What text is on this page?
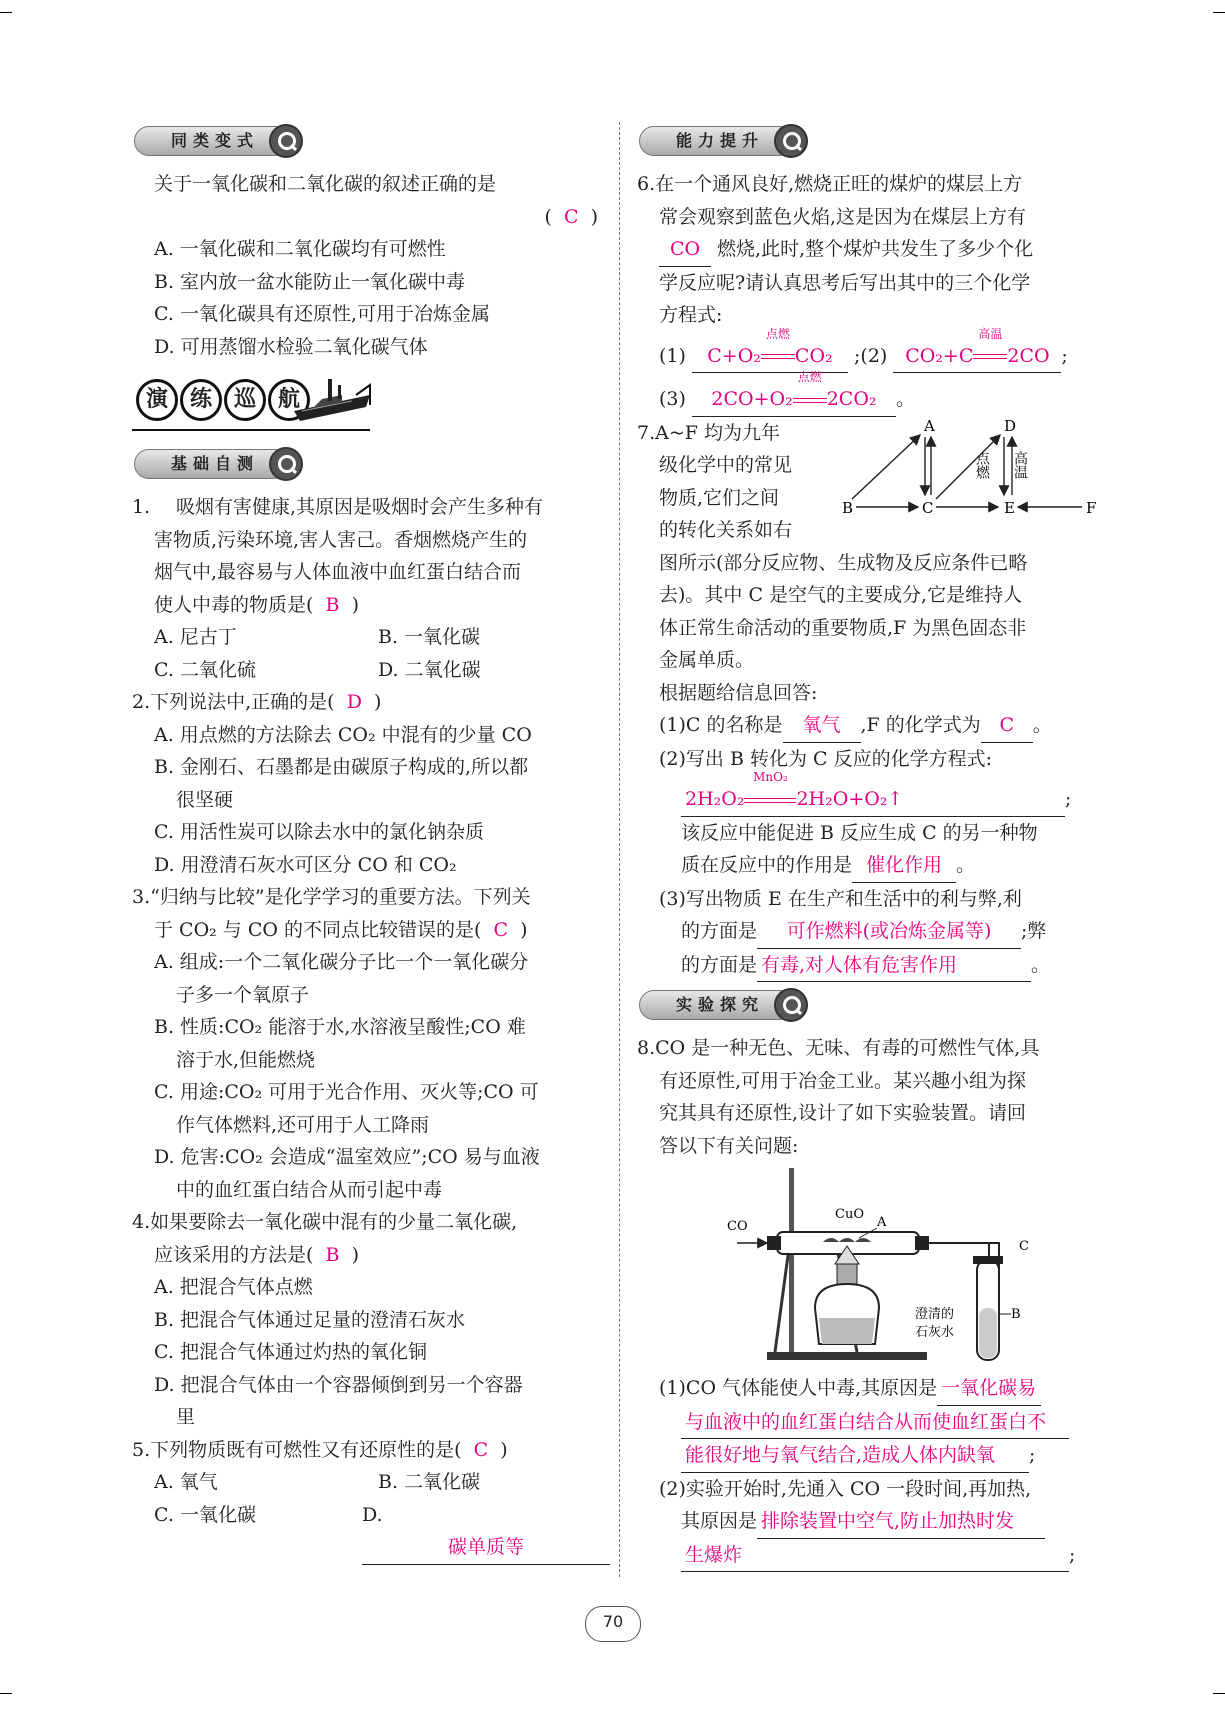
同类变式

关于一氧化碳和二氧化碳的叙述正确的是

(  C  )

A. 一氧化碳和二氧化碳均有可燃性

B. 室内放一盆水能防止一氧化碳中毒

C. 一氧化碳具有还原性,可用于冶炼金属

D. 可用蒸馏水检验二氧化碳气体

演 练 巡 航
基础自测
1.	吸烟有害健康,其原因是吸烟时会产生多种有

害物质,污染环境,害人害己。香烟燃烧产生的

烟气中,最容易与人体血液中血红蛋白结合而

使人中毒的物质是( B )

A. 尼古丁	B. 一氧化碳
C. 二氧化硫	D. 二氧化碳

2.下列说法中,正确的是( D )

A. 用点燃的方法除去 CO₂ 中混有的少量 CO

B. 金刚石、石墨都是由碳原子构成的,所以都

很坚硬

C. 用活性炭可以除去水中的氯化钠杂质

D. 用澄清石灰水可区分 CO 和 CO₂

3.“归纳与比较”是化学学习的重要方法。下列关

于 CO₂ 与 CO 的不同点比较错误的是( C )

A. 组成:一个二氧化碳分子比一个一氧化碳分

子多一个氧原子

B. 性质:CO₂ 能溶于水,水溶液呈酸性;CO 难

溶于水,但能燃烧

C. 用途:CO₂ 可用于光合作用、灭火等;CO 可

作气体燃料,还可用于人工降雨

D. 危害:CO₂ 会造成“温室效应”;CO 易与血液

中的血红蛋白结合从而引起中毒

4.如果要除去一氧化碳中混有的少量二氧化碳,

应该采用的方法是( B )

A. 把混合气体点燃

B. 把混合气体通过足量的澄清石灰水

C. 把混合气体通过灼热的氧化铜

D. 把混合气体由一个容器倾倒到另一个容器

里

5.下列物质既有可燃性又有还原性的是( C )

A. 氧气	B. 二氧化碳
C. 一氧化碳	D. 碳单质等
能力提升

6.在一个通风良好,燃烧正旺的煤炉的煤层上方

常会观察到蓝色火焰,这是因为在煤层上方有

CO 燃烧,此时,整个煤炉共发生了多少个化

学反应呢?请认真思考后写出其中的三个化学

方程式:

(1) C+O₂
点燃
CO₂ ;(2) CO₂+C
高温
2CO ;

(3) 2CO+O₂
点燃
2CO₂ 。

7.A~F 均为九年

级化学中的常见

物质,它们之间

的转化关系如右

A
B	C
D
E	F
点燃 高温

图所示(部分反应物、生成物及反应条件已略

去)。其中 C 是空气的主要成分,它是维持人

体正常生命活动的重要物质,F 为黑色固态非

金属单质。

根据题给信息回答:

(1)C 的名称是 氧气 ,F 的化学式为 C 。

(2)写出 B 转化为 C 反应的化学方程式:

2H₂O₂
MnO₂
2H₂O+O₂↑	;

该反应中能促进 B 反应生成 C 的另一种物

质在反应中的作用是 催化作用 。

(3)写出物质 E 在生产和生活中的利与弊,利

的方面是 可作燃料(或冶炼金属等) ;弊

的方面是 有毒,对人体有危害作用	。

实验探究

8.CO 是一种无色、无味、有毒的可燃性气体,具

有还原性,可用于冶金工业。某兴趣小组为探

究其具有还原性,设计了如下实验装置。请回

答以下有关问题:

CO
CuO
A
C
B
澄清的
石灰水

(1)CO 气体能使人中毒,其原因是 一氧化碳易

与血液中的血红蛋白结合从而使血红蛋白不

能很好地与氧气结合,造成人体内缺氧 ;

(2)实验开始时,先通入 CO 一段时间,再加热,

其原因是 排除装置中空气,防止加热时发

生爆炸	;

70
